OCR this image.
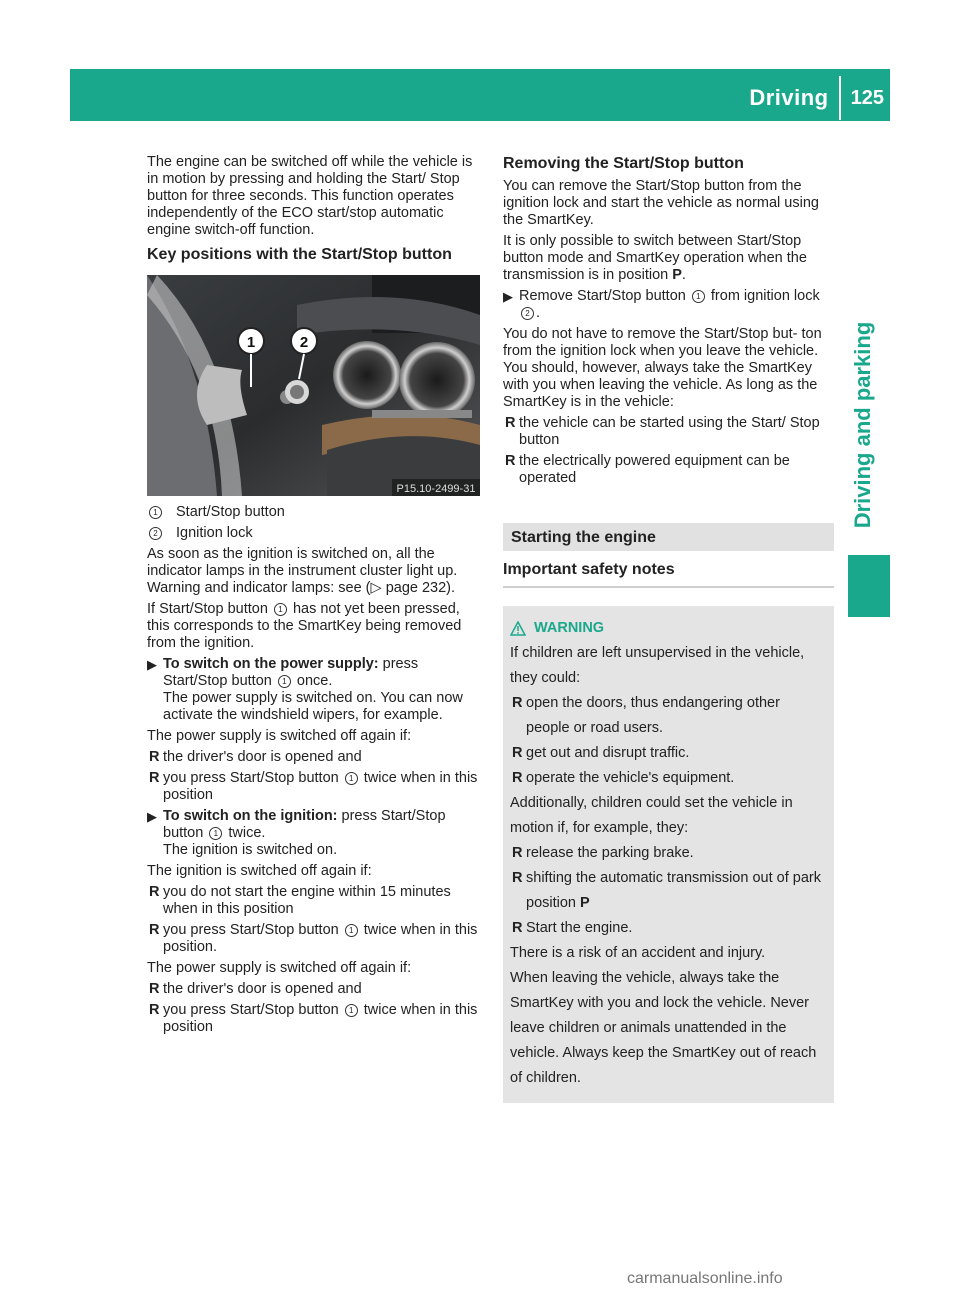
Driving	125
Driving and parking

The engine can be switched off while the vehicle is in motion by pressing and holding the Start/ Stop button for three seconds. This function operates independently of the ECO start/stop automatic engine switch-off function.

Key positions with the Start/Stop button
1	2
P15.10-2499-31
1 Start/Stop button
2 Ignition lock

As soon as the ignition is switched on, all the indicator lamps in the instrument cluster light up. Warning and indicator lamps: see (▷ page 232).

If Start/Stop button 1 has not yet been pressed, this corresponds to the SmartKey being removed from the ignition.

▶ To switch on the power supply: press Start/Stop button 1 once.
The power supply is switched on. You can now activate the windshield wipers, for example.

The power supply is switched off again if:

R the driver's door is opened and
R you press Start/Stop button 1 twice when in this position
▶ To switch on the ignition: press Start/Stop button 1 twice.
The ignition is switched on.

The ignition is switched off again if:

R you do not start the engine within 15 minutes when in this position
R you press Start/Stop button 1 twice when in this position.

The power supply is switched off again if:

R the driver's door is opened and
R you press Start/Stop button 1 twice when in this position
Removing the Start/Stop button

You can remove the Start/Stop button from the ignition lock and start the vehicle as normal using the SmartKey.

It is only possible to switch between Start/Stop button mode and SmartKey operation when the transmission is in position P.

▶ Remove Start/Stop button 1 from ignition lock 2 .

You do not have to remove the Start/Stop but- ton from the ignition lock when you leave the vehicle. You should, however, always take the SmartKey with you when leaving the vehicle. As long as the SmartKey is in the vehicle:

R the vehicle can be started using the Start/ Stop button
R the electrically powered equipment can be operated
Starting the engine
Important safety notes
WARNING

If children are left unsupervised in the vehicle, they could:

R open the doors, thus endangering other people or road users.
R get out and disrupt traffic.
R operate the vehicle's equipment.

Additionally, children could set the vehicle in motion if, for example, they:

R release the parking brake.
R shifting the automatic transmission out of park position P
R Start the engine.

There is a risk of an accident and injury.

When leaving the vehicle, always take the SmartKey with you and lock the vehicle. Never leave children or animals unattended in the vehicle. Always keep the SmartKey out of reach of children.

carmanualsonline.info
